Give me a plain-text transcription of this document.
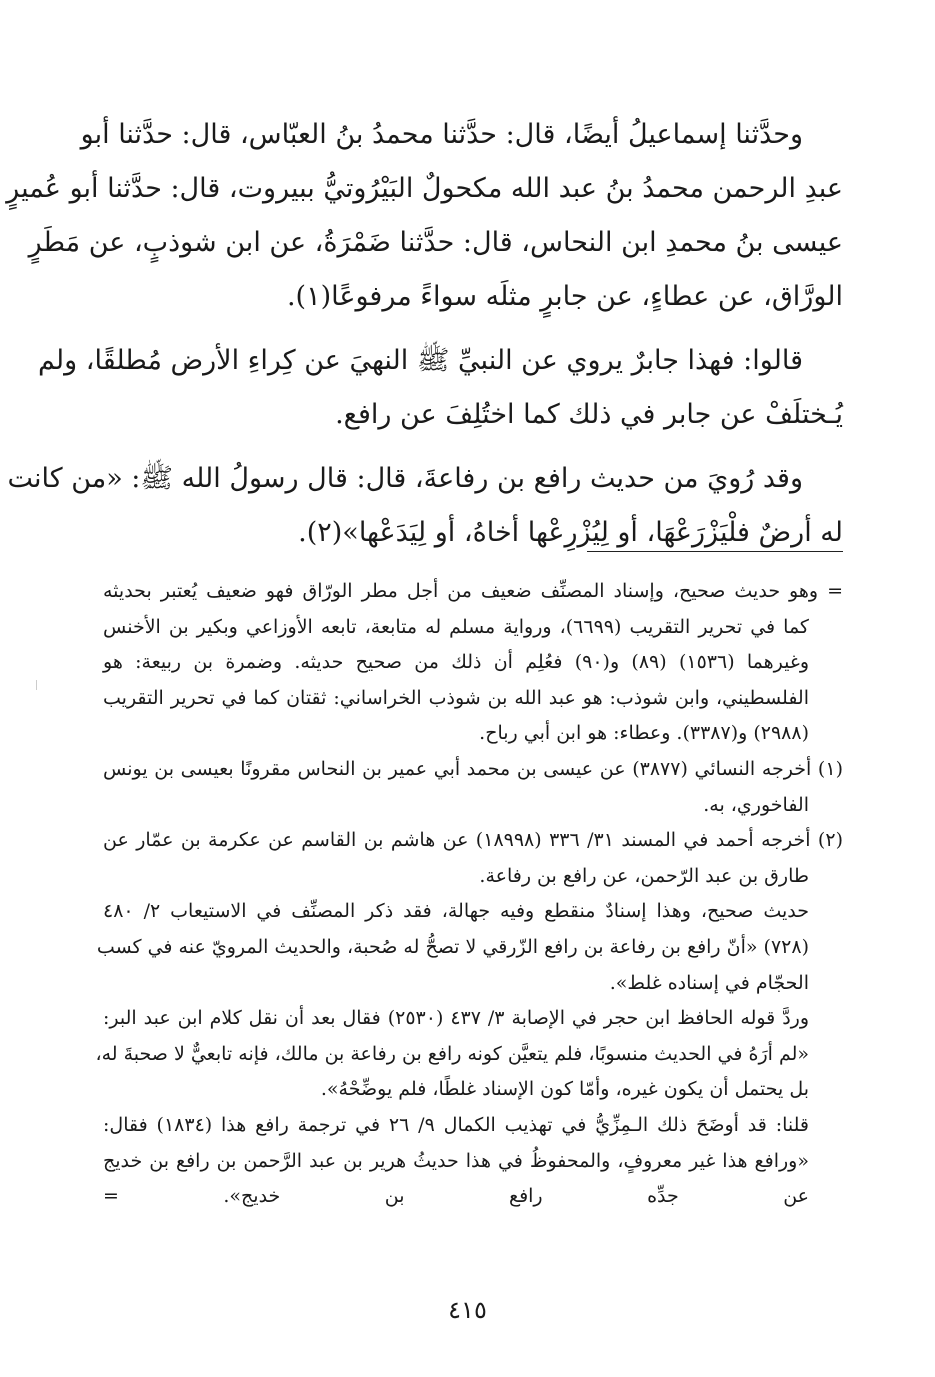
وحدَّثنا إسماعيلُ أيضًا، قال: حدَّثنا محمدُ بنُ العبّاس، قال: حدَّثنا أبو
عبدِ الرحمن محمدُ بنُ عبد الله مكحولٌ البَيْرُوتيُّ ببيروت، قال: حدَّثنا أبو عُميرٍ
عيسى بنُ محمدِ ابن النحاس، قال: حدَّثنا ضَمْرَةُ، عن ابن شوذبٍ، عن مَطَرٍ
الورَّاق، عن عطاءٍ، عن جابرٍ مثلَه سواءً مرفوعًا(١).
قالوا: فهذا جابرٌ يروي عن النبيِّ ﷺ النهيَ عن كِراءِ الأرض مُطلقًا، ولم
يُـختلَفْ عن جابر في ذلك كما اختُلِفَ عن رافع.
وقد رُويَ من حديث رافع بن رفاعةَ، قال: قال رسولُ الله ﷺ: «من كانت
له أرضٌ فلْيَزْرَعْهَا، أو لِيُزْرِعْها أخاهُ، أو لِيَدَعْها»(٢).
= وهو حديث صحيح، وإسناد المصنِّف ضعيف من أجل مطر الورّاق فهو ضعيف يُعتبر بحديثه
كما في تحرير التقريب (٦٦٩٩)، ورواية مسلم له متابعة، تابعه الأوزاعي وبكير بن الأخنس
وغيرهما (١٥٣٦) (٨٩) و(٩٠) فعُلِم أن ذلك من صحيح حديثه. وضمرة بن ربيعة: هو
الفلسطيني، وابن شوذب: هو عبد الله بن شوذب الخراساني: ثقتان كما في تحرير التقريب
(٢٩٨٨) و(٣٣٨٧). وعطاء: هو ابن أبي رباح.
(١) أخرجه النسائي (٣٨٧٧) عن عيسى بن محمد أبي عمير بن النحاس مقرونًا بعيسى بن يونس
الفاخوري، به.
(٢) أخرجه أحمد في المسند ٣١/ ٣٣٦ (١٨٩٩٨) عن هاشم بن القاسم عن عكرمة بن عمّار عن
طارق بن عبد الرّحمن، عن رافع بن رفاعة.
حديث صحيح، وهذا إسنادٌ منقطع وفيه جهالة، فقد ذكر المصنِّف في الاستيعاب ٢/ ٤٨٠
(٧٢٨) «أنّ رافع بن رفاعة بن رافع الزّرقي لا تصحُّ له صُحبة، والحديث المرويّ عنه في كسب
الحجّام في إسناده غلط».
وردَّ قوله الحافظ ابن حجر في الإصابة ٣/ ٤٣٧ (٢٥٣٠) فقال بعد أن نقل كلام ابن عبد البر:
«لم أرَهُ في الحديث منسوبًا، فلم يتعيَّن كونه رافع بن رفاعة بن مالك، فإنه تابعيٌّ لا صحبةَ له،
بل يحتمل أن يكون غيره، وأمّا كون الإسناد غلطًا، فلم يوضِّحْهُ».
قلنا: قد أوضَحَ ذلك الـمِزِّيُّ في تهذيب الكمال ٩/ ٢٦ في ترجمة رافع هذا (١٨٣٤) فقال:
«ورافع هذا غير معروفٍ، والمحفوظُ في هذا حديثُ هرير بن عبد الرَّحمن بن رافع بن خديج
عن جدِّه رافع بن خديج». =
٤١٥
